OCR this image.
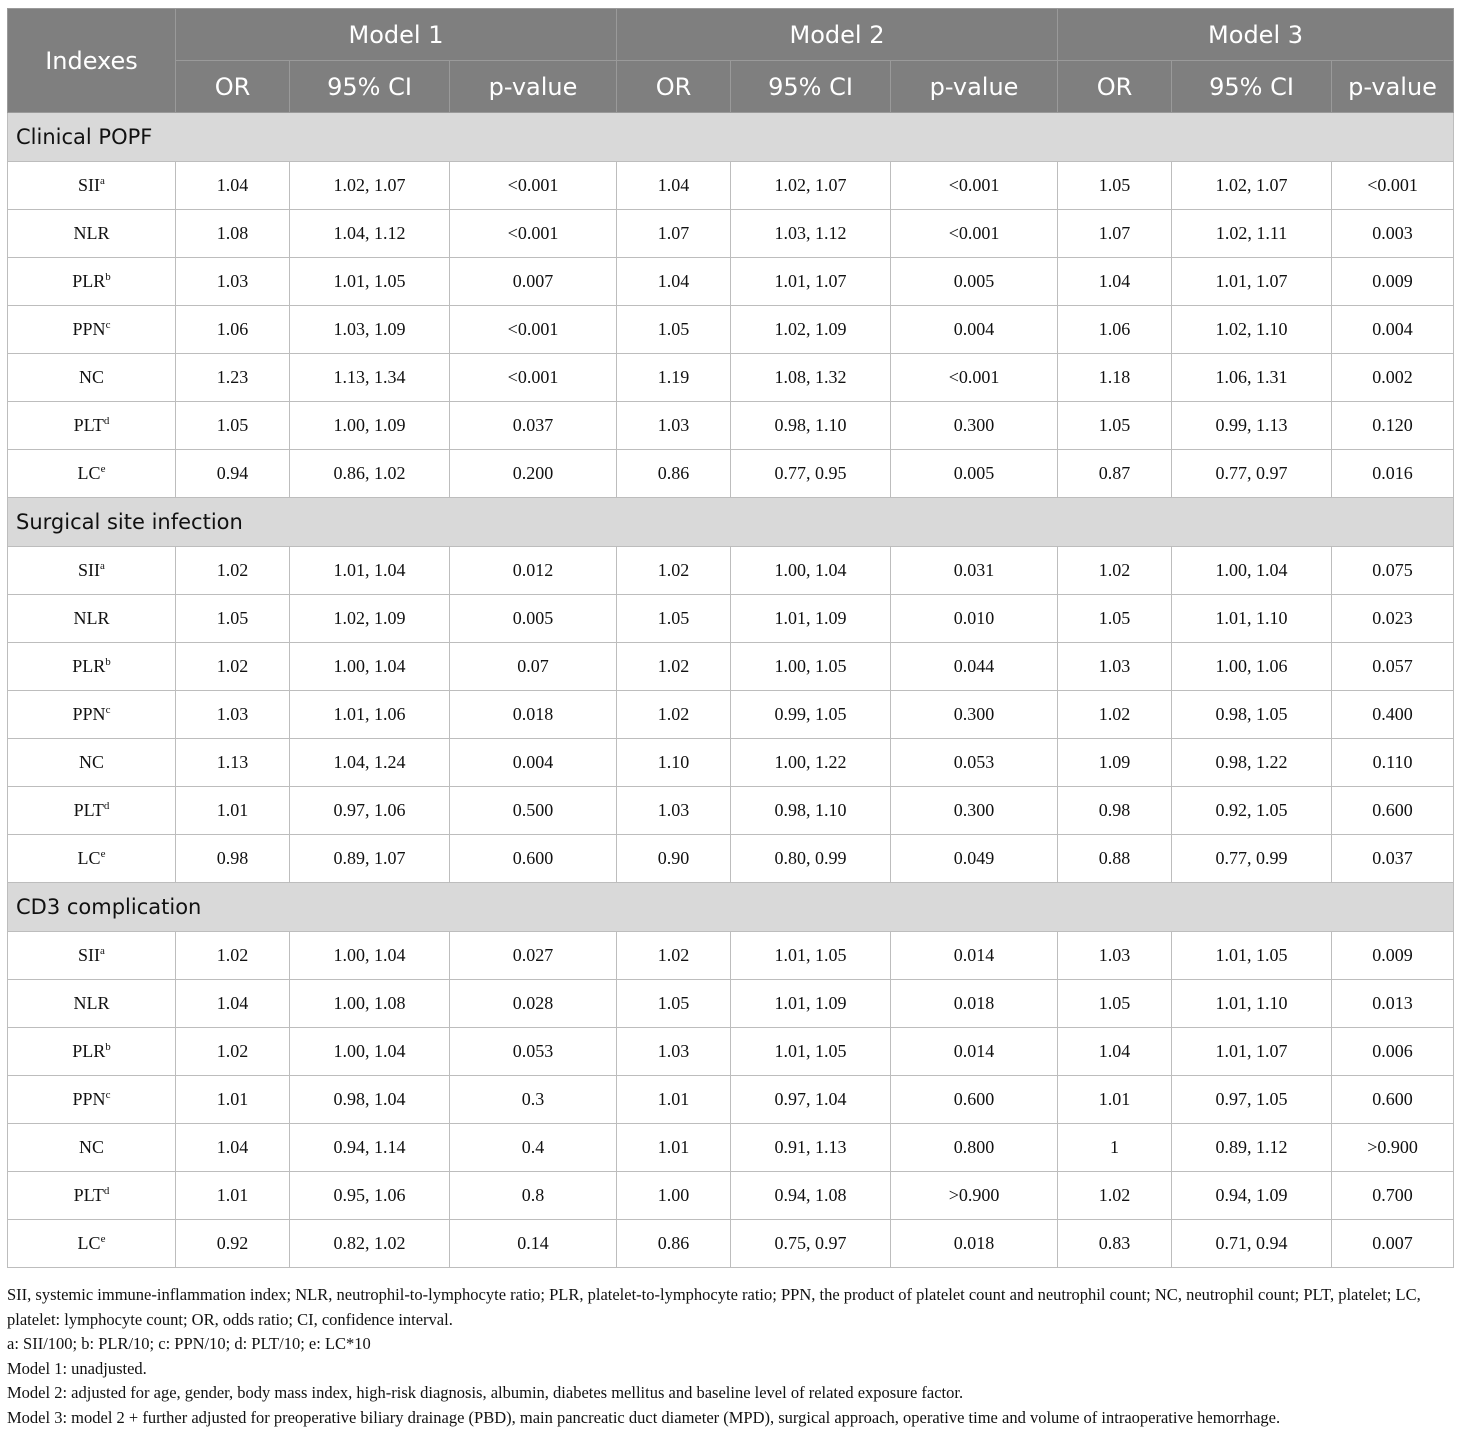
Indexes	Model 1			Model 2			Model 3		
	OR	95% CI	p-value	OR	95% CI	p-value	OR	95% CI	p-value
Clinical POPF									
SII$^a$	1.04	1.02, 1.07	<0.001	1.04	1.02, 1.07	<0.001	1.05	1.02, 1.07	<0.001
NLR	1.08	1.04, 1.12	<0.001	1.07	1.03, 1.12	<0.001	1.07	1.02, 1.11	0.003
PLR$^b$	1.03	1.01, 1.05	0.007	1.04	1.01, 1.07	0.005	1.04	1.01, 1.07	0.009
PPN$^c$	1.06	1.03, 1.09	<0.001	1.05	1.02, 1.09	0.004	1.06	1.02, 1.10	0.004
NC	1.23	1.13, 1.34	<0.001	1.19	1.08, 1.32	<0.001	1.18	1.06, 1.31	0.002
PLT$^d$	1.05	1.00, 1.09	0.037	1.03	0.98, 1.10	0.300	1.05	0.99, 1.13	0.120
LCe	0.94	0.86, 1.02	0.200	0.86	0.77, 0.95	0.005	0.87	0.77, 0.97	0.016
Surgical site infection									
SII$^a$	1.02	1.01, 1.04	0.012	1.02	1.00, 1.04	0.031	1.02	1.00, 1.04	0.075
NLR	1.05	1.02, 1.09	0.005	1.05	1.01, 1.09	0.010	1.05	1.01, 1.10	0.023
PLR$^b$	1.02	1.00, 1.04	0.07	1.02	1.00, 1.05	0.044	1.03	1.00, 1.06	0.057
PPN$^c$	1.03	1.01, 1.06	0.018	1.02	0.99, 1.05	0.300	1.02	0.98, 1.05	0.400
NC	1.13	1.04, 1.24	0.004	1.10	1.00, 1.22	0.053	1.09	0.98, 1.22	0.110
PLT$^d$	1.01	0.97, 1.06	0.500	1.03	0.98, 1.10	0.300	0.98	0.92, 1.05	0.600
LCe	0.98	0.89, 1.07	0.600	0.90	0.80, 0.99	0.049	0.88	0.77, 0.99	0.037
CD3 complication									
SII$^a$	1.02	1.00, 1.04	0.027	1.02	1.01, 1.05	0.014	1.03	1.01, 1.05	0.009
NLR	1.04	1.00, 1.08	0.028	1.05	1.01, 1.09	0.018	1.05	1.01, 1.10	0.013
PLR$^b$	1.02	1.00, 1.04	0.053	1.03	1.01, 1.05	0.014	1.04	1.01, 1.07	0.006
PPN$^c$	1.01	0.98, 1.04	0.3	1.01	0.97, 1.04	0.600	1.01	0.97, 1.05	0.600
NC	1.04	0.94, 1.14	0.4	1.01	0.91, 1.13	0.800	1	0.89, 1.12	>0.900
PLT$^d$	1.01	0.95, 1.06	0.8	1.00	0.94, 1.08	>0.900	1.02	0.94, 1.09	0.700
LCe	0.92	0.82, 1.02	0.14	0.86	0.75, 0.97	0.018	0.83	0.71, 0.94	0.007
SII, systemic immune-inflammation index; NLR, neutrophil-to-lymphocyte ratio; PLR, platelet-to-lymphocyte ratio; PPN, the product of platelet count and neutrophil count; NC, neutrophil count; PLT, platelet; LC, platelet: lymphocyte count; OR, odds ratio; CI, confidence interval.
a: SII/100; b: PLR/10; c: PPN/10; d: PLT/10; e: LC*10
Model 1: unadjusted.
Model 2: adjusted for age, gender, body mass index, high-risk diagnosis, albumin, diabetes mellitus and baseline level of related exposure factor.
Model 3: model 2 + further adjusted for preoperative biliary drainage (PBD), main pancreatic duct diameter (MPD), surgical approach, operative time and volume of intraoperative hemorrhage.
